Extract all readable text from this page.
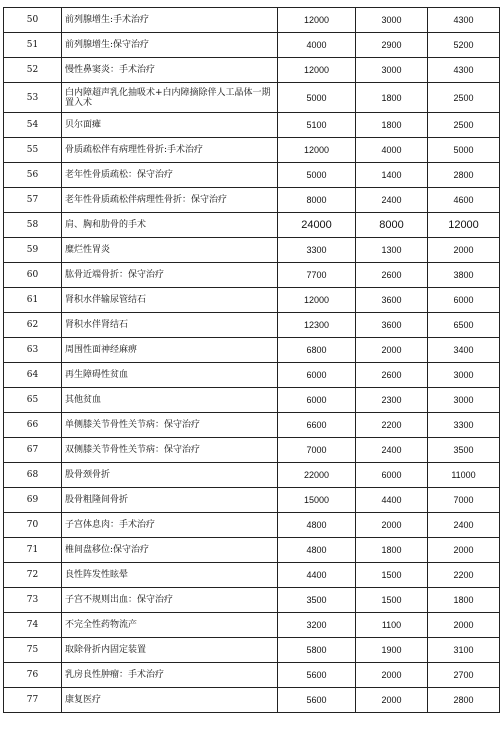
50	前列腺增生:手术治疗	12000	3000	4300
51	前列腺增生:保守治疗	4000	2900	5200
52	慢性鼻窦炎：手术治疗	12000	3000	4300
53	白内障超声乳化抽吸术+白内障摘除伴人工晶体一期置入术	5000	1800	2500
54	贝尔面瘫	5100	1800	2500
55	骨质疏松伴有病理性骨折:手术治疗	12000	4000	5000
56	老年性骨质疏松：保守治疗	5000	1400	2800
57	老年性骨质疏松伴病理性骨折：保守治疗	8000	2400	4600
58	肩、胸和肋骨的手术	24000	8000	12000
59	糜烂性胃炎	3300	1300	2000
60	肱骨近端骨折：保守治疗	7700	2600	3800
61	肾积水伴输尿管结石	12000	3600	6000
62	肾积水伴肾结石	12300	3600	6500
63	周围性面神经麻痹	6800	2000	3400
64	再生障碍性贫血	6000	2600	3000
65	其他贫血	6000	2300	3000
66	单侧膝关节骨性关节病：保守治疗	6600	2200	3300
67	双侧膝关节骨性关节病：保守治疗	7000	2400	3500
68	股骨颈骨折	22000	6000	11000
69	股骨粗隆间骨折	15000	4400	7000
70	子宫体息肉：手术治疗	4800	2000	2400
71	椎间盘移位:保守治疗	4800	1800	2000
72	良性阵发性眩晕	4400	1500	2200
73	子宫不规则出血：保守治疗	3500	1500	1800
74	不完全性药物流产	3200	1100	2000
75	取除骨折内固定装置	5800	1900	3100
76	乳房良性肿瘤：手术治疗	5600	2000	2700
77	康复医疗	5600	2000	2800
